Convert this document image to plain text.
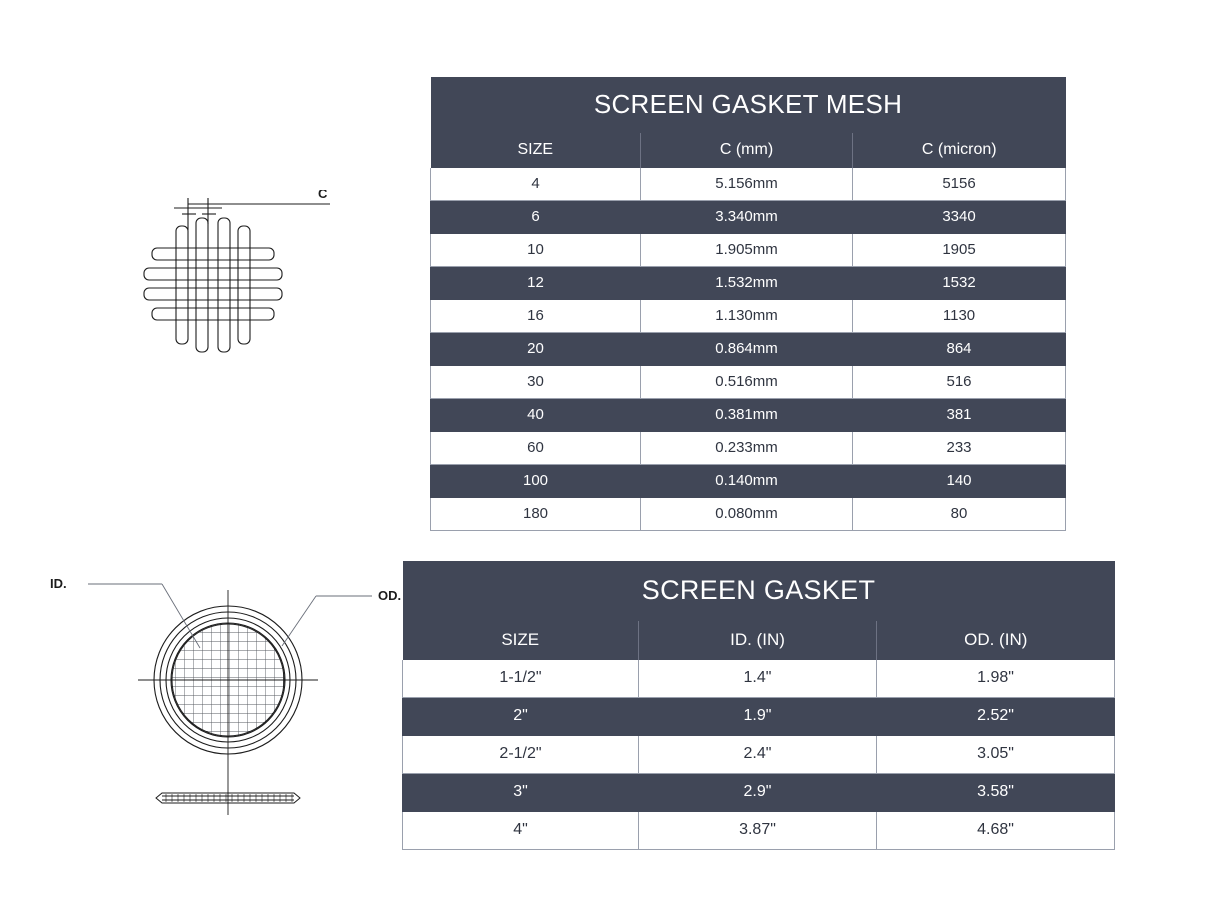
C
ID.
OD.
SCREEN GASKET MESH		
SIZE	C (mm)	C (micron)
4	5.156mm	5156
6	3.340mm	3340
10	1.905mm	1905
12	1.532mm	1532
16	1.130mm	1130
20	0.864mm	864
30	0.516mm	516
40	0.381mm	381
60	0.233mm	233
100	0.140mm	140
180	0.080mm	80
SCREEN GASKET		
SIZE	ID. (IN)	OD. (IN)
1-1/2"	1.4"	1.98"
2"	1.9"	2.52"
2-1/2"	2.4"	3.05"
3"	2.9"	3.58"
4"	3.87"	4.68"
